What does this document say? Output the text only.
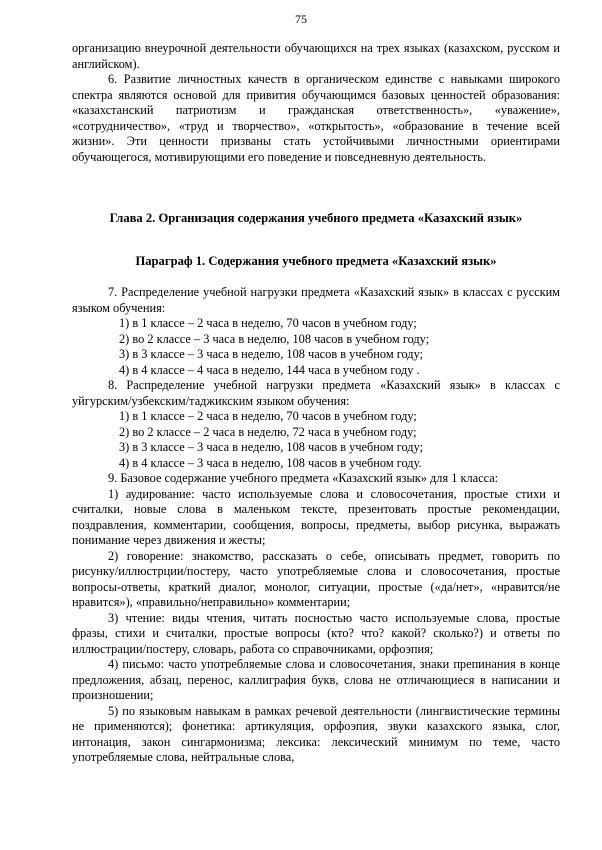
75

организацию внеурочной деятельности обучающихся на трех языках (казахском, русском и английском).

6. Развитие личностных качеств в органическом единстве с навыками широкого спектра являются основой для привития обучающимся базовых ценностей образования: «казахстанский патриотизм и гражданская ответственность», «уважение», «сотрудничество», «труд и творчество», «открытость», «образование в течение всей жизни». Эти ценности призваны стать устойчивыми личностными ориентирами обучающегося, мотивирующими его поведение и повседневную деятельность.

Глава 2. Организация содержания учебного предмета «Казахский язык»

Параграф 1. Содержания учебного предмета «Казахский язык»

7. Распределение учебной нагрузки предмета «Казахский язык» в классах с русским языком обучения:

1) в 1 классе – 2 часа в неделю, 70 часов в учебном году;

2) во 2 классе – 3 часа в неделю, 108 часов в учебном году;

3) в 3 классе – 3 часа в неделю, 108 часов в учебном году;

4) в 4 классе – 4 часа в неделю, 144 часа в учебном году .

8. Распределение учебной нагрузки предмета «Казахский язык» в классах с уйгурским/узбекским/таджикским языком обучения:

1) в 1 классе – 2 часа в неделю, 70 часов в учебном году;

2) во 2 классе – 2 часа в неделю, 72 часа в учебном году;

3) в 3 классе – 3 часа в неделю, 108 часов в учебном году;

4) в 4 классе – 3 часа в неделю, 108 часов в учебном году.

9. Базовое содержание учебного предмета «Казахский язык» для 1 класса:

1) аудирование: часто используемые слова и словосочетания, простые стихи и считалки, новые слова в маленьком тексте, презентовать простые рекомендации, поздравления, комментарии, сообщения, вопросы, предметы, выбор рисунка, выражать понимание через движения и жесты;

2) говорение: знакомство, рассказать о себе, описывать предмет, говорить по рисунку/иллюстрции/постеру, часто употребляемые слова и словосочетания, простые вопросы-ответы, краткий диалог, монолог, ситуации, простые («да/нет», «нравится/не нравится»), «правильно/неправильно» комментарии;

3) чтение: виды чтения, читать посностью часто используемые слова, простые фразы, стихи и считалки, простые вопросы (кто? что? какой? сколько?) и ответы по иллюстрации/постеру, словарь, работа со справочниками, орфоэпия;

4) письмо: часто употребляемые слова и словосочетания, знаки препинания в конце предложения, абзац, перенос, каллиграфия букв, слова не отличающиеся в написании и произношении;

5) по языковым навыкам в рамках речевой деятельности (лингвистические термины не применяются); фонетика: артикуляция, орфоэпия, звуки казахского языка, слог, интонация, закон сингармонизма; лексика: лексический минимум по теме, часто употребляемые слова, нейтральные слова,
